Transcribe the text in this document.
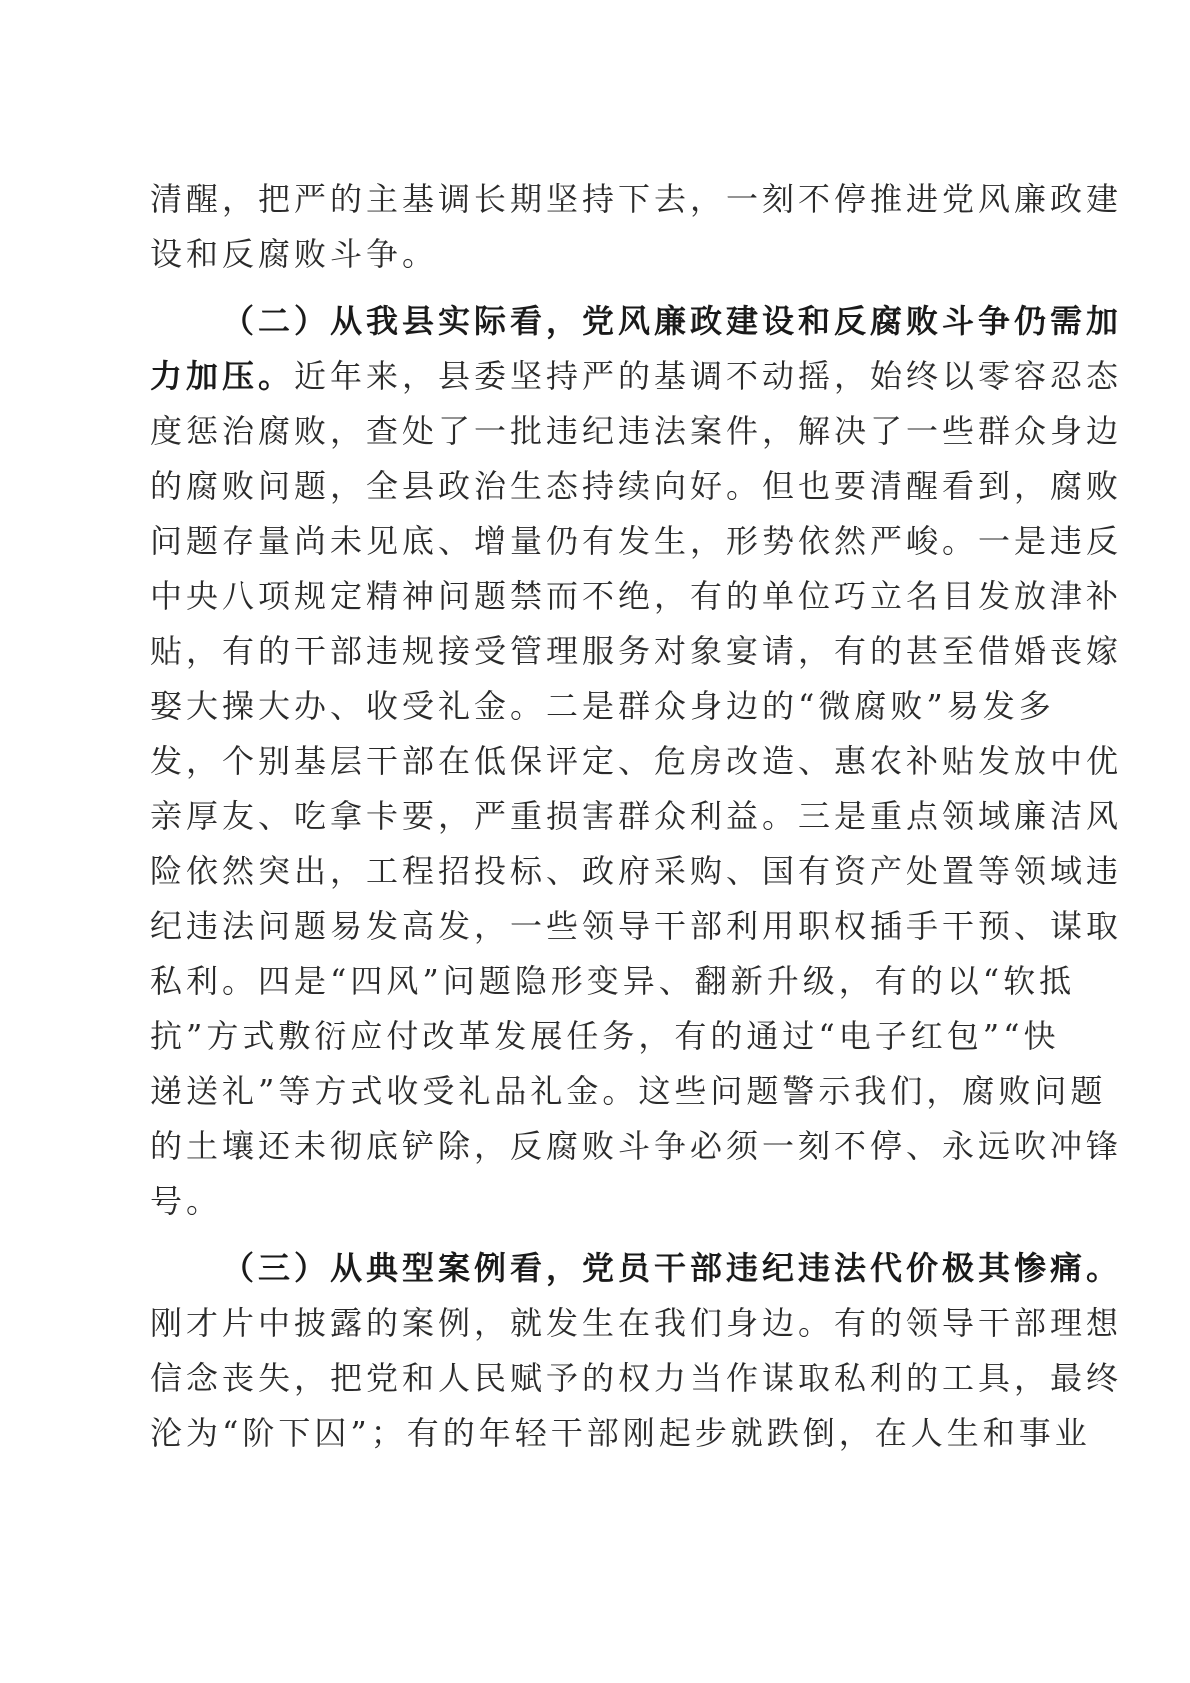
清醒，把严的主基调长期坚持下去，一刻不停推进党风廉政建
设和反腐败斗争。
（二）从我县实际看，党风廉政建设和反腐败斗争仍需加
力加压。近年来，县委坚持严的基调不动摇，始终以零容忍态
度惩治腐败，查处了一批违纪违法案件，解决了一些群众身边
的腐败问题，全县政治生态持续向好。但也要清醒看到，腐败
问题存量尚未见底、增量仍有发生，形势依然严峻。一是违反
中央八项规定精神问题禁而不绝，有的单位巧立名目发放津补
贴，有的干部违规接受管理服务对象宴请，有的甚至借婚丧嫁
娶大操大办、收受礼金。二是群众身边的“微腐败”易发多
发，个别基层干部在低保评定、危房改造、惠农补贴发放中优
亲厚友、吃拿卡要，严重损害群众利益。三是重点领域廉洁风
险依然突出，工程招投标、政府采购、国有资产处置等领域违
纪违法问题易发高发，一些领导干部利用职权插手干预、谋取
私利。四是“四风”问题隐形变异、翻新升级，有的以“软抵
抗”方式敷衍应付改革发展任务，有的通过“电子红包”“快
递送礼”等方式收受礼品礼金。这些问题警示我们，腐败问题
的土壤还未彻底铲除，反腐败斗争必须一刻不停、永远吹冲锋
号。
（三）从典型案例看，党员干部违纪违法代价极其惨痛。
刚才片中披露的案例，就发生在我们身边。有的领导干部理想
信念丧失，把党和人民赋予的权力当作谋取私利的工具，最终
沦为“阶下囚”；有的年轻干部刚起步就跌倒，在人生和事业
